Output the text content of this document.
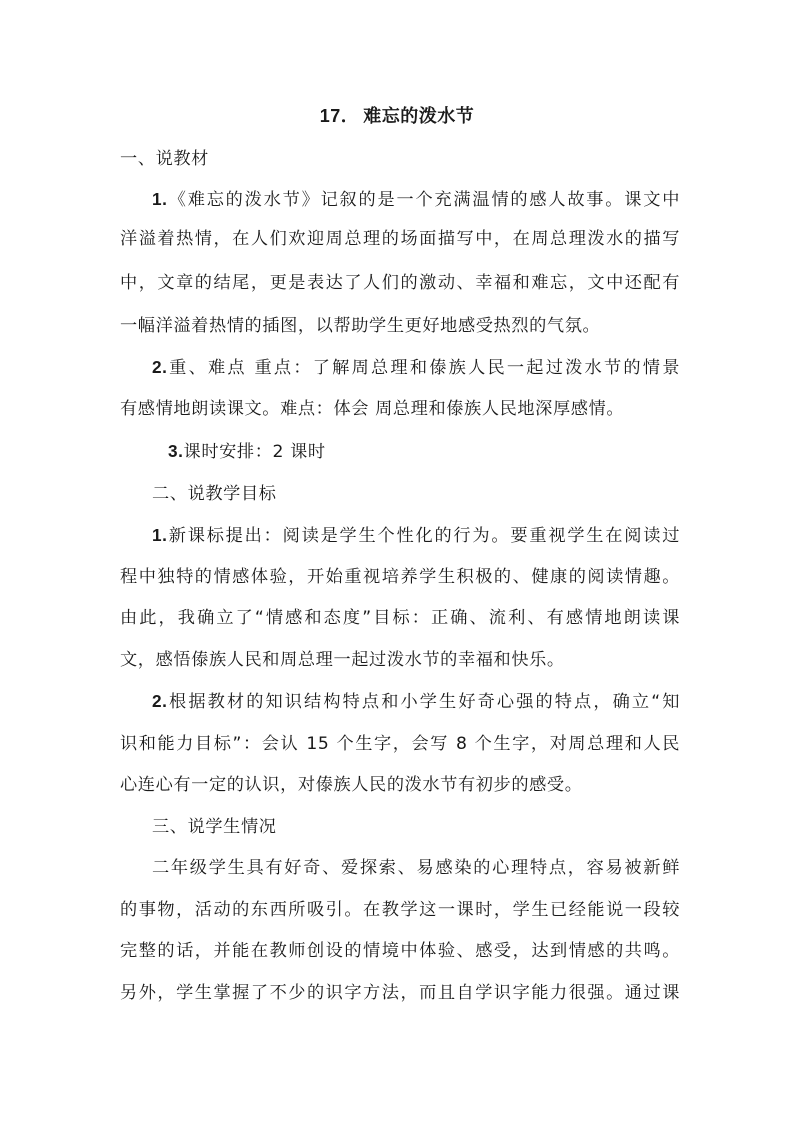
17． 难忘的泼水节
一、说教材
1.《难忘的泼水节》记叙的是一个充满温情的感人故事。课文中
洋溢着热情，在人们欢迎周总理的场面描写中，在周总理泼水的描写
中，文章的结尾，更是表达了人们的激动、幸福和难忘，文中还配有
一幅洋溢着热情的插图，以帮助学生更好地感受热烈的气氛。
2.重、难点 重点：了解周总理和傣族人民一起过泼水节的情景
有感情地朗读课文。难点：体会 周总理和傣族人民地深厚感情。
3.课时安排：2 课时
二、说教学目标
1.新课标提出：阅读是学生个性化的行为。要重视学生在阅读过
程中独特的情感体验，开始重视培养学生积极的、健康的阅读情趣。
由此，我确立了“情感和态度”目标：正确、流利、有感情地朗读课
文，感悟傣族人民和周总理一起过泼水节的幸福和快乐。
2.根据教材的知识结构特点和小学生好奇心强的特点，确立“知
识和能力目标”：会认 15 个生字，会写 8 个生字，对周总理和人民
心连心有一定的认识，对傣族人民的泼水节有初步的感受。
三、说学生情况
二年级学生具有好奇、爱探索、易感染的心理特点，容易被新鲜
的事物，活动的东西所吸引。在教学这一课时，学生已经能说一段较
完整的话，并能在教师创设的情境中体验、感受，达到情感的共鸣。
另外，学生掌握了不少的识字方法，而且自学识字能力很强。通过课
